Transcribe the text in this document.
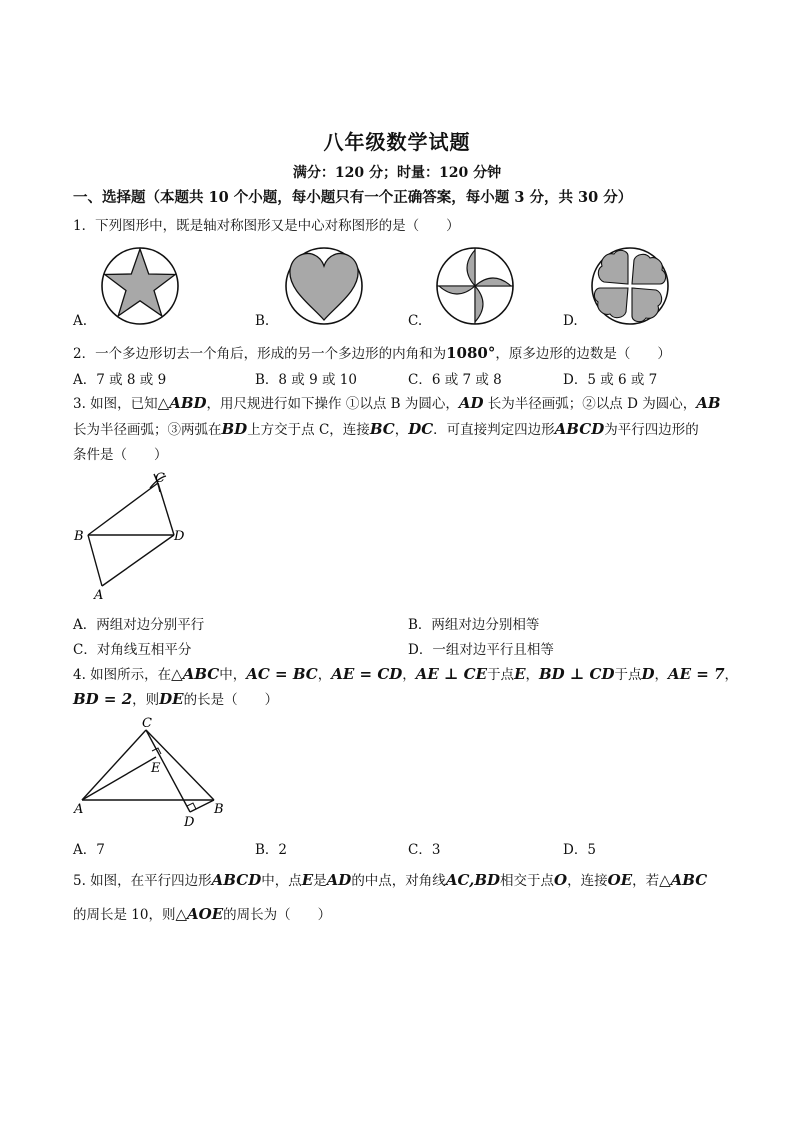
八年级数学试题
满分：120 分；时量：120 分钟
一、选择题（本题共 10 个小题，每小题只有一个正确答案，每小题 3 分，共 30 分）
1．下列图形中，既是轴对称图形又是中心对称图形的是（　　）
A.	B.	C.	D.
2．一个多边形切去一个角后，形成的另一个多边形的内角和为1080°，原多边形的边数是（　　）
A．7 或 8 或 9	B．8 或 9 或 10	C．6 或 7 或 8	D．5 或 6 或 7
3. 如图，已知△ABD，用尺规进行如下操作 ①以点 B 为圆心，AD 长为半径画弧；②以点 D 为圆心，AB
长为半径画弧；③两弧在BD上方交于点 C，连接BC，DC．可直接判定四边形ABCD为平行四边形的
条件是（　　）
C
B	D
A
A．两组对边分别平行	B．两组对边分别相等
C．对角线互相平分	D．一组对边平行且相等
4. 如图所示，在△ABC中，AC = BC，AE = CD，AE ⊥ CE于点E，BD ⊥ CD于点D，AE = 7，
BD = 2，则DE的长是（　　）
C
E
A
D
B
A．7	B．2	C．3	D．5
5. 如图，在平行四边形ABCD中，点E是AD的中点，对角线AC,BD相交于点O，连接OE，若△ABC
的周长是 10，则△AOE的周长为（　　）
